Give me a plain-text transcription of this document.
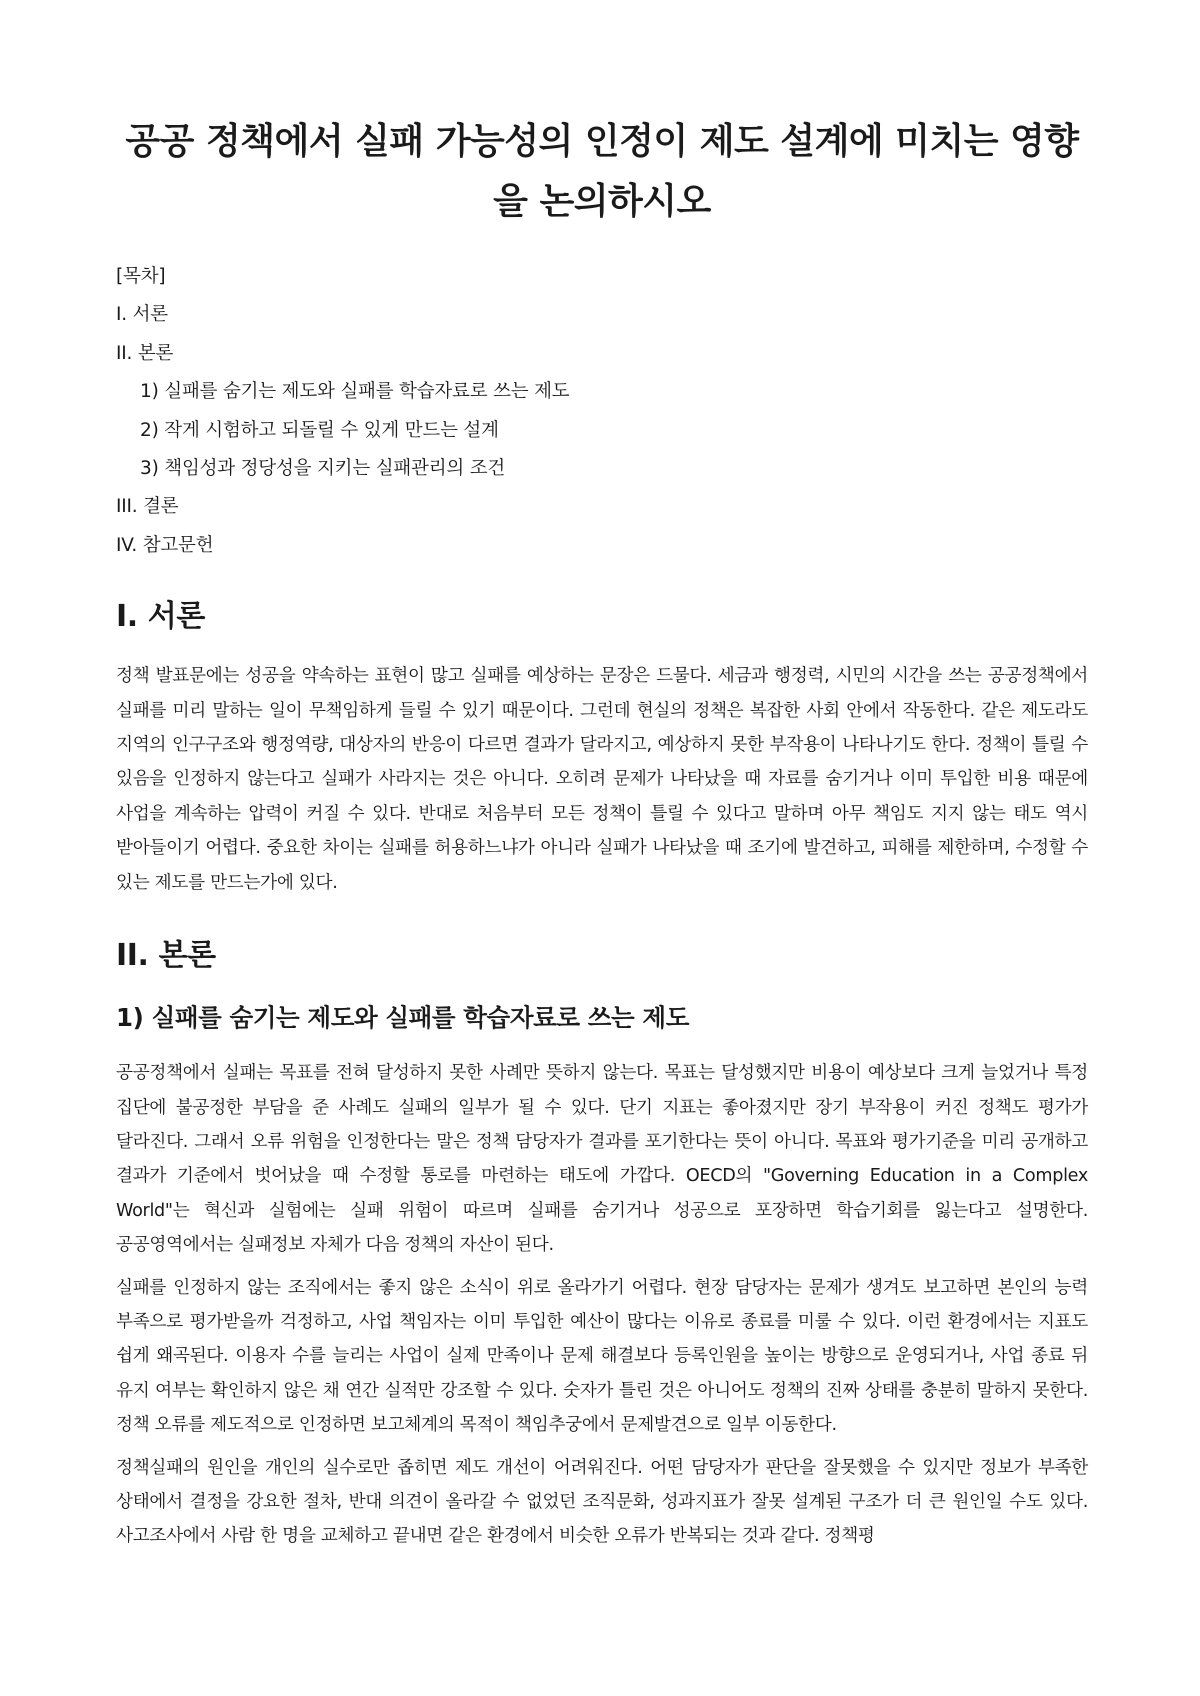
공공 정책에서 실패 가능성의 인정이 제도 설계에 미치는 영향을 논의하시오
[목차]
I. 서론
II. 본론
1) 실패를 숨기는 제도와 실패를 학습자료로 쓰는 제도
2) 작게 시험하고 되돌릴 수 있게 만드는 설계
3) 책임성과 정당성을 지키는 실패관리의 조건
III. 결론
IV. 참고문헌
I. 서론

정책 발표문에는 성공을 약속하는 표현이 많고 실패를 예상하는 문장은 드물다. 세금과 행정력, 시민의 시간을 쓰는 공공정책에서 실패를 미리 말하는 일이 무책임하게 들릴 수 있기 때문이다. 그런데 현실의 정책은 복잡한 사회 안에서 작동한다. 같은 제도라도 지역의 인구구조와 행정역량, 대상자의 반응이 다르면 결과가 달라지고, 예상하지 못한 부작용이 나타나기도 한다. 정책이 틀릴 수 있음을 인정하지 않는다고 실패가 사라지는 것은 아니다. 오히려 문제가 나타났을 때 자료를 숨기거나 이미 투입한 비용 때문에 사업을 계속하는 압력이 커질 수 있다. 반대로 처음부터 모든 정책이 틀릴 수 있다고 말하며 아무 책임도 지지 않는 태도 역시 받아들이기 어렵다. 중요한 차이는 실패를 허용하느냐가 아니라 실패가 나타났을 때 조기에 발견하고, 피해를 제한하며, 수정할 수 있는 제도를 만드는가에 있다.

II. 본론
1) 실패를 숨기는 제도와 실패를 학습자료로 쓰는 제도

공공정책에서 실패는 목표를 전혀 달성하지 못한 사례만 뜻하지 않는다. 목표는 달성했지만 비용이 예상보다 크게 늘었거나 특정 집단에 불공정한 부담을 준 사례도 실패의 일부가 될 수 있다. 단기 지표는 좋아졌지만 장기 부작용이 커진 정책도 평가가 달라진다. 그래서 오류 위험을 인정한다는 말은 정책 담당자가 결과를 포기한다는 뜻이 아니다. 목표와 평가기준을 미리 공개하고 결과가 기준에서 벗어났을 때 수정할 통로를 마련하는 태도에 가깝다. OECD의 "Governing Education in a Complex World"는 혁신과 실험에는 실패 위험이 따르며 실패를 숨기거나 성공으로 포장하면 학습기회를 잃는다고 설명한다. 공공영역에서는 실패정보 자체가 다음 정책의 자산이 된다.

실패를 인정하지 않는 조직에서는 좋지 않은 소식이 위로 올라가기 어렵다. 현장 담당자는 문제가 생겨도 보고하면 본인의 능력 부족으로 평가받을까 걱정하고, 사업 책임자는 이미 투입한 예산이 많다는 이유로 종료를 미룰 수 있다. 이런 환경에서는 지표도 쉽게 왜곡된다. 이용자 수를 늘리는 사업이 실제 만족이나 문제 해결보다 등록인원을 높이는 방향으로 운영되거나, 사업 종료 뒤 유지 여부는 확인하지 않은 채 연간 실적만 강조할 수 있다. 숫자가 틀린 것은 아니어도 정책의 진짜 상태를 충분히 말하지 못한다. 정책 오류를 제도적으로 인정하면 보고체계의 목적이 책임추궁에서 문제발견으로 일부 이동한다.

정책실패의 원인을 개인의 실수로만 좁히면 제도 개선이 어려워진다. 어떤 담당자가 판단을 잘못했을 수 있지만 정보가 부족한 상태에서 결정을 강요한 절차, 반대 의견이 올라갈 수 없었던 조직문화, 성과지표가 잘못 설계된 구조가 더 큰 원인일 수도 있다. 사고조사에서 사람 한 명을 교체하고 끝내면 같은 환경에서 비슷한 오류가 반복되는 것과 같다. 정책평
